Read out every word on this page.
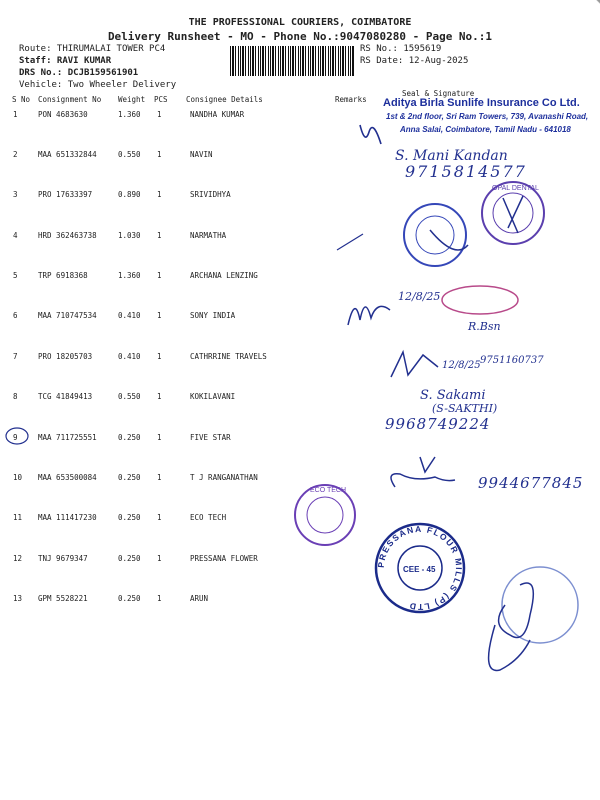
THE PROFESSIONAL COURIERS, COIMBATORE
Delivery Runsheet - MO - Phone No.:9047080280 - Page No.:1
Route: THIRUMALAI TOWER PC4
Staff: RAVI KUMAR
DRS No.: DCJB159561901
Vehicle: Two Wheeler Delivery
RS No.: 1595619
RS Date: 12-Aug-2025
S No Consignment No Weight PCS Consignee Details	Remarks
Seal & Signature
1	PON 4683630	1.360 1	NANDHA KUMAR
2	MAA 651332844	0.550 1	NAVIN
3	PRO 17633397	0.890 1	SRIVIDHYA
4	HRD 362463738	1.030 1	NARMATHA
5	TRP 6918368	1.360 1	ARCHANA LENZING
6	MAA 710747534	0.410 1	SONY INDIA
7	PRO 18205703	0.410 1	CATHRRINE TRAVELS
8	TCG 41849413	0.550 1	KOKILAVANI
9	MAA 711725551	0.250 1	FIVE STAR
10 MAA 653500084	0.250 1	T J RANGANATHAN
11 MAA 111417230	0.250 1	ECO TECH
12 TNJ 9679347	0.250 1	PRESSANA FLOWER
13 GPM 5528221	0.250 1	ARUN
Aditya Birla Sunlife Insurance Co Ltd.
1st & 2nd floor, Sri Ram Towers, 739, Avanashi Road,
Anna Salai, Coimbatore, Tamil Nadu - 641018
S. Mani Kandan
9715814577
OPAL DENTAL
12/8/25
R.Bsn
12/8/25 9751160737
S. Sakami
(S-SAKTHI)
9968749224
9944677845
ECO TECH
PRESSANA FLOUR MILLS (P) LTD
CEE - 45
